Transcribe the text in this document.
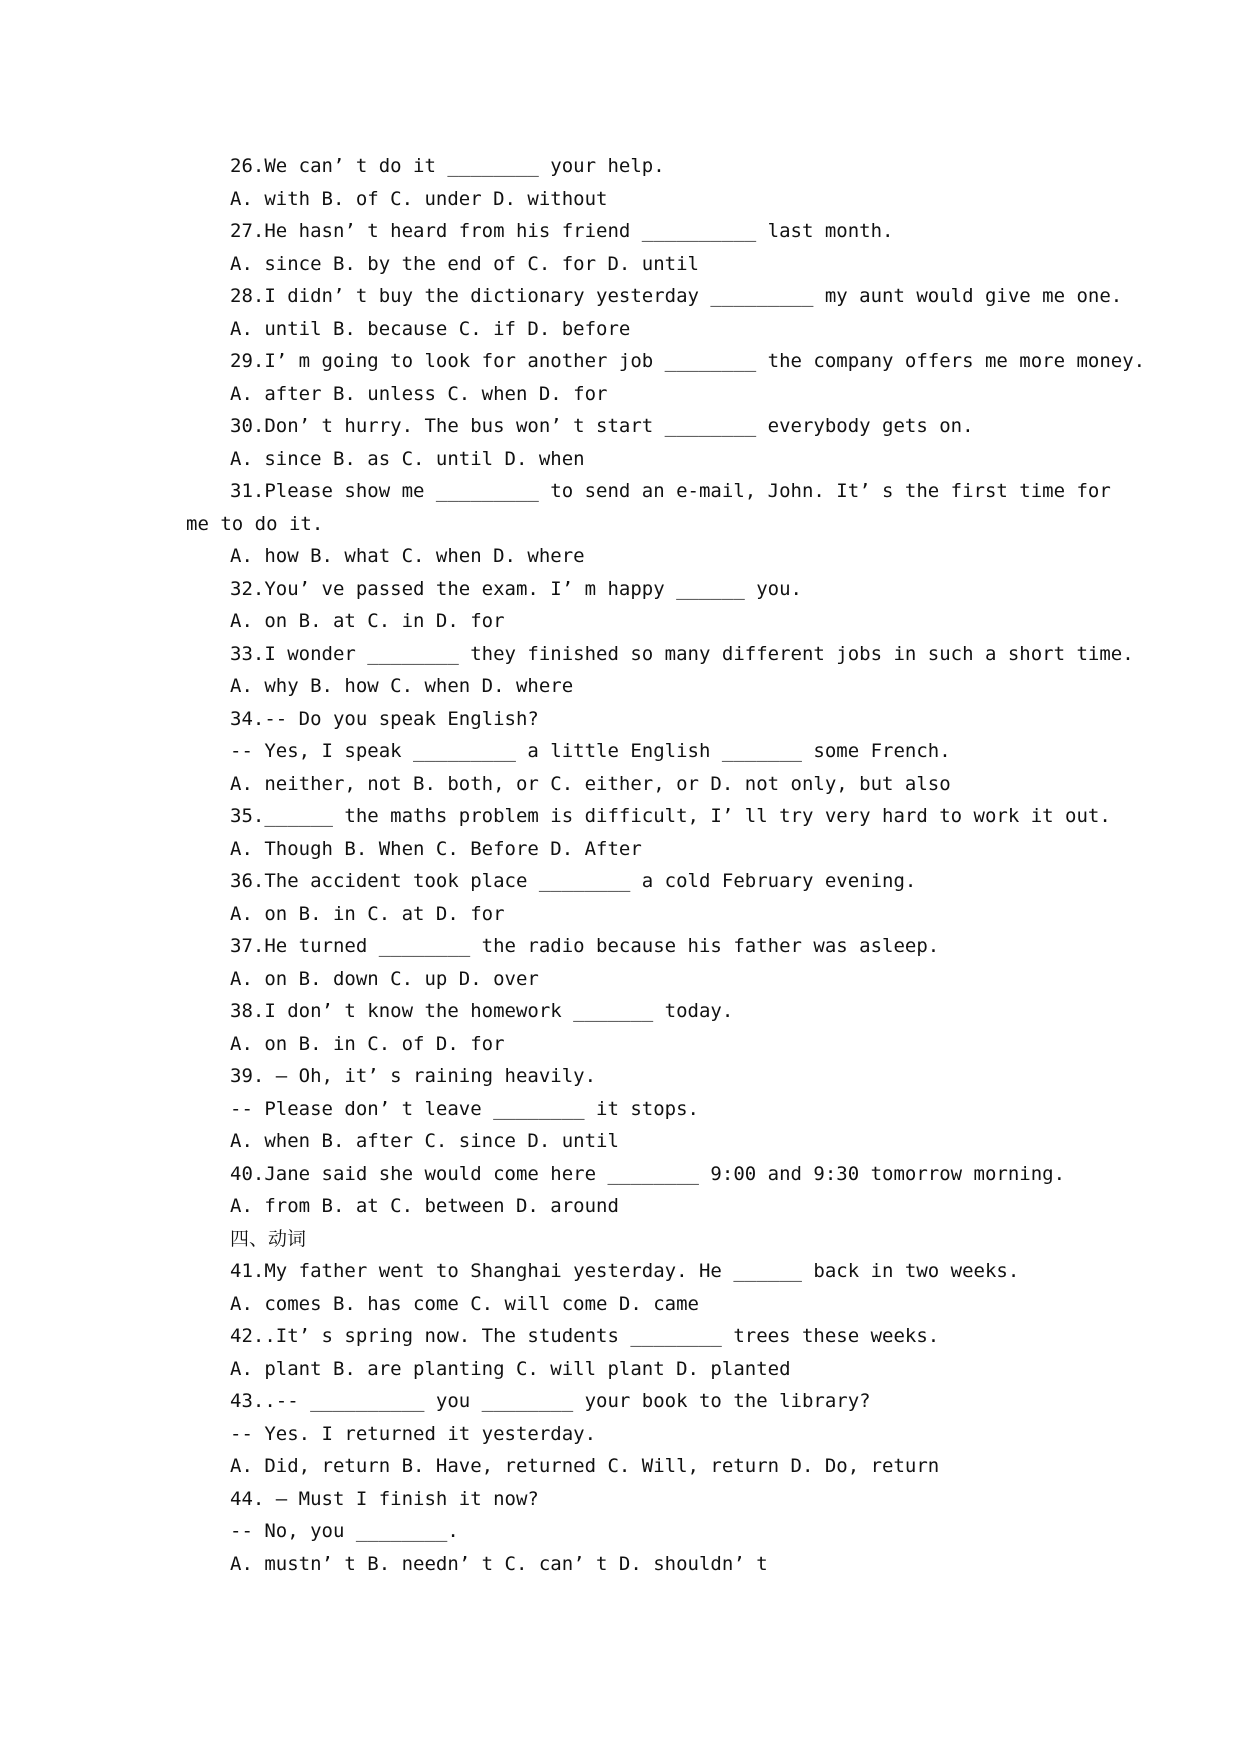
26.We can’ t do it ________ your help.
A. with B. of C. under D. without
27.He hasn’ t heard from his friend __________ last month.
A. since B. by the end of C. for D. until
28.I didn’ t buy the dictionary yesterday _________ my aunt would give me one.
A. until B. because C. if D. before
29.I’ m going to look for another job ________ the company offers me more money.
A. after B. unless C. when D. for
30.Don’ t hurry. The bus won’ t start ________ everybody gets on.
A. since B. as C. until D. when
31.Please show me _________ to send an e-mail, John. It’ s the first time for
me to do it.
A. how B. what C. when D. where
32.You’ ve passed the exam. I’ m happy ______ you.
A. on B. at C. in D. for
33.I wonder ________ they finished so many different jobs in such a short time.
A. why B. how C. when D. where
34.-- Do you speak English?
-- Yes, I speak _________ a little English _______ some French.
A. neither, not B. both, or C. either, or D. not only, but also
35.______ the maths problem is difficult, I’ ll try very hard to work it out.
A. Though B. When C. Before D. After
36.The accident took place ________ a cold February evening.
A. on B. in C. at D. for
37.He turned ________ the radio because his father was asleep.
A. on B. down C. up D. over
38.I don’ t know the homework _______ today.
A. on B. in C. of D. for
39. – Oh, it’ s raining heavily.
-- Please don’ t leave ________ it stops.
A. when B. after C. since D. until
40.Jane said she would come here ________ 9:00 and 9:30 tomorrow morning.
A. from B. at C. between D. around
四、动词
41.My father went to Shanghai yesterday. He ______ back in two weeks.
A. comes B. has come C. will come D. came
42..It’ s spring now. The students ________ trees these weeks.
A. plant B. are planting C. will plant D. planted
43..-- __________ you ________ your book to the library?
-- Yes. I returned it yesterday.
A. Did, return B. Have, returned C. Will, return D. Do, return
44. – Must I finish it now?
-- No, you ________.
A. mustn’ t B. needn’ t C. can’ t D. shouldn’ t
